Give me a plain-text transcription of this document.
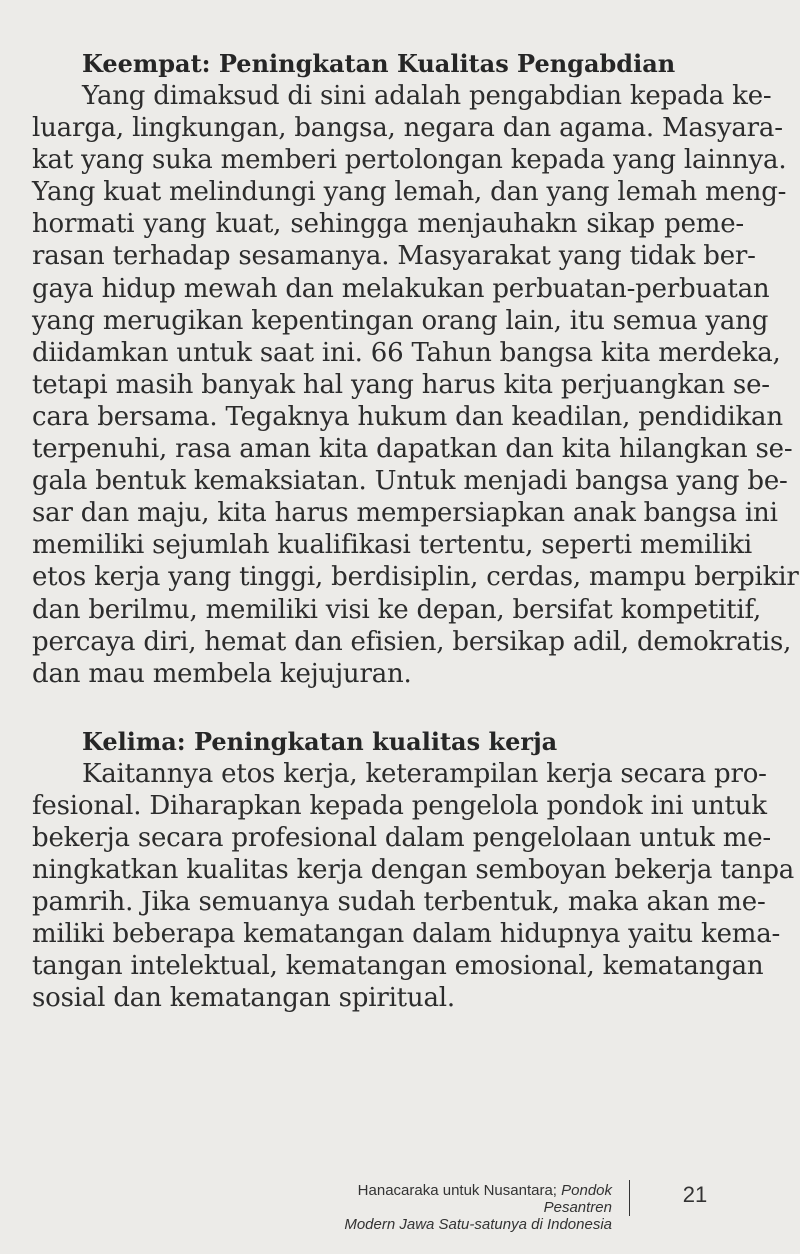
Keempat: Peningkatan Kualitas Pengabdian
Yang dimaksud di sini adalah pengabdian kepada ke-
luarga, lingkungan, bangsa, negara dan agama. Masyara-
kat yang suka memberi pertolongan kepada yang lainnya.
Yang kuat melindungi yang lemah, dan yang lemah meng-
hormati yang kuat, sehingga menjauhakn sikap peme-
rasan terhadap sesamanya. Masyarakat yang tidak ber-
gaya hidup mewah dan melakukan perbuatan-perbuatan
yang merugikan kepentingan orang lain, itu semua yang
diidamkan untuk saat ini. 66 Tahun bangsa kita merdeka,
tetapi masih banyak hal yang harus kita perjuangkan se-
cara bersama. Tegaknya hukum dan keadilan, pendidikan
terpenuhi, rasa aman kita dapatkan dan kita hilangkan se-
gala bentuk kemaksiatan. Untuk menjadi bangsa yang be-
sar dan maju, kita harus mempersiapkan anak bangsa ini
memiliki sejumlah kualifikasi tertentu, seperti memiliki
etos kerja yang tinggi, berdisiplin, cerdas, mampu berpikir
dan berilmu, memiliki visi ke depan, bersifat kompetitif,
percaya diri, hemat dan efisien, bersikap adil, demokratis,
dan mau membela kejujuran.
Kelima: Peningkatan kualitas kerja
Kaitannya etos kerja, keterampilan kerja secara pro-
fesional. Diharapkan kepada pengelola pondok ini untuk
bekerja secara profesional dalam pengelolaan untuk me-
ningkatkan kualitas kerja dengan semboyan bekerja tanpa
pamrih. Jika semuanya sudah terbentuk, maka akan me-
miliki beberapa kematangan dalam hidupnya yaitu kema-
tangan intelektual, kematangan emosional, kematangan
sosial dan kematangan spiritual.
Hanacaraka untuk Nusantara; Pondok Pesantren
Modern Jawa Satu-satunya di Indonesia
21
